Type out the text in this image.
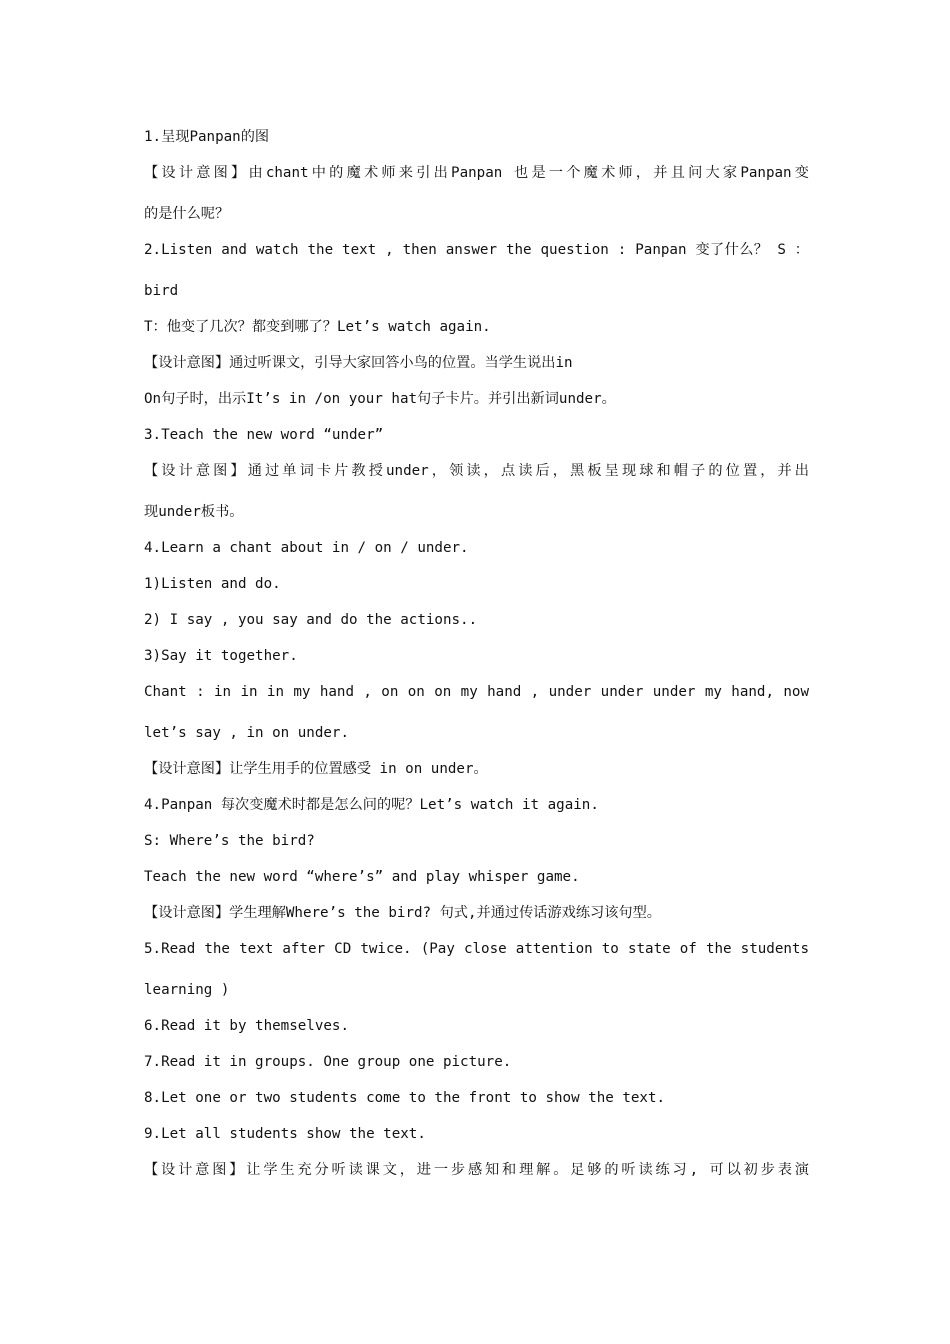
1.呈现Panpan的图
【设计意图】由chant中的魔术师来引出Panpan 也是一个魔术师，并且问大家Panpan变
的是什么呢？
2.Listen and watch the text , then answer the question : Panpan 变了什么？ S ：
bird
T：他变了几次？都变到哪了？Let’s watch again.
【设计意图】通过听课文，引导大家回答小鸟的位置。当学生说出in
On句子时，出示It’s in /on your hat句子卡片。并引出新词under。
3.Teach the new word “under”
【设计意图】通过单词卡片教授under，领读，点读后，黑板呈现球和帽子的位置，并出
现under板书。
4.Learn a chant about in / on / under.
1)Listen and do.
2) I say , you say and do the actions..
3)Say it together.
Chant : in in in my hand , on on on my hand , under under under my hand, now
let’s say , in on under.
【设计意图】让学生用手的位置感受 in on under。
4.Panpan 每次变魔术时都是怎么问的呢？Let’s watch it again.
S: Where’s the bird?
Teach the new word “where’s” and play whisper game.
【设计意图】学生理解Where’s the bird? 句式,并通过传话游戏练习该句型。
5.Read the text after CD twice. (Pay close attention to state of the students
learning )
6.Read it by themselves.
7.Read it in groups. One group one picture.
8.Let one or two students come to the front to show the text.
9.Let all students show the text.
【设计意图】让学生充分听读课文，进一步感知和理解。足够的听读练习, 可以初步表演
